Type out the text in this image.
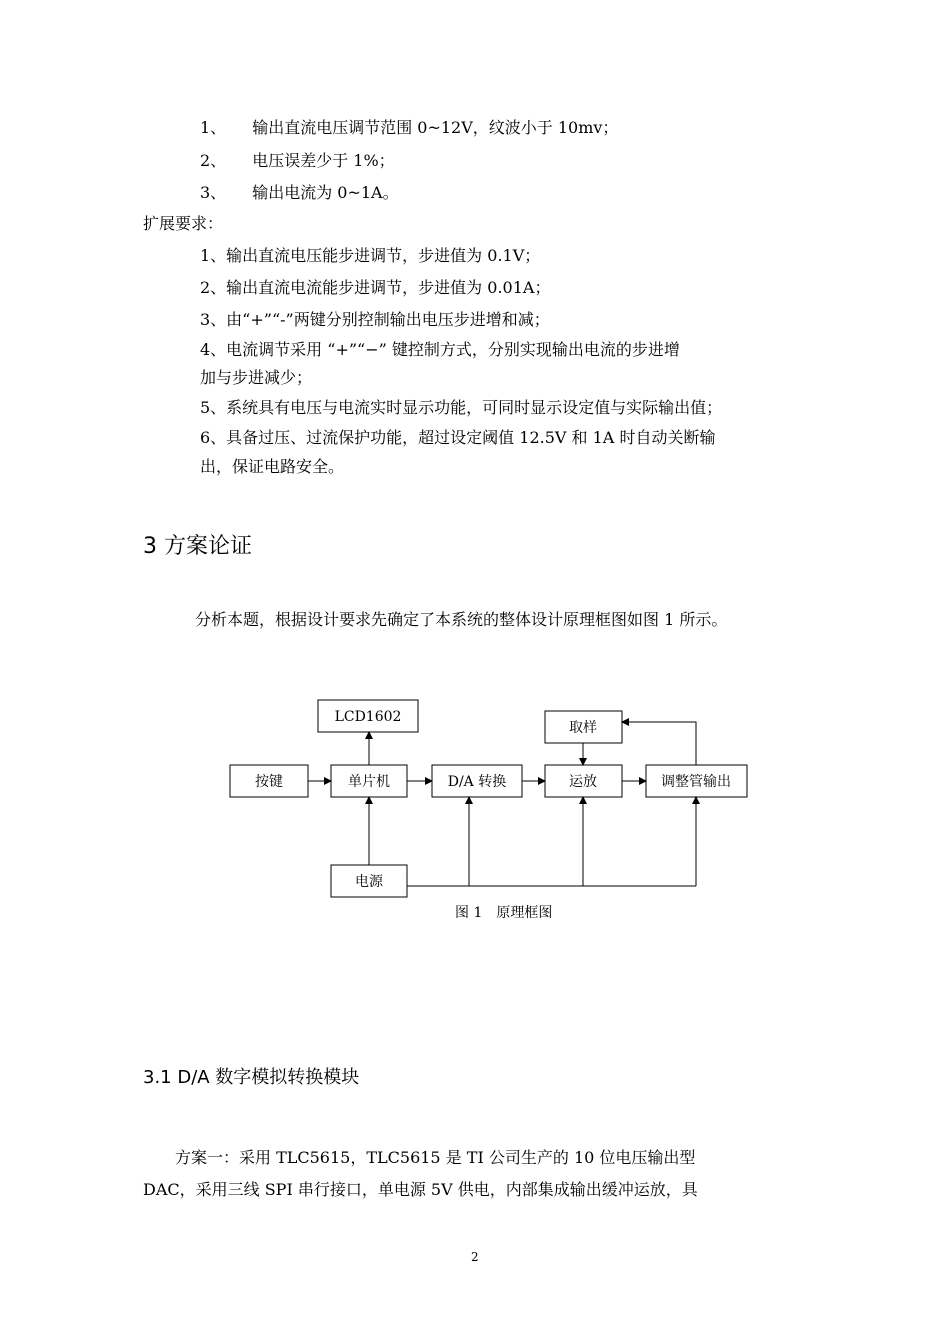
1、 输出直流电压调节范围 0~12V，纹波小于 10mv；
2、 电压误差少于 1%；
3、 输出电流为 0~1A。
扩展要求：
1、输出直流电压能步进调节，步进值为 0.1V；
2、输出直流电流能步进调节，步进值为 0.01A；
3、由“+”“-”两键分别控制输出电压步进增和减；
4、电流调节采用 “+”“−” 键控制方式，分别实现输出电流的步进增
加与步进减少；
5、系统具有电压与电流实时显示功能，可同时显示设定值与实际输出值；
6、具备过压、过流保护功能，超过设定阈值 12.5V 和 1A 时自动关断输
出，保证电路安全。
3 方案论证
分析本题，根据设计要求先确定了本系统的整体设计原理框图如图 1 所示。
LCD1602
按键	单片机	D/A 转换
取样
运放	调整管输出
电源
图 1　原理框图
3.1 D/A 数字模拟转换模块
方案一：采用 TLC5615，TLC5615 是 TI 公司生产的 10 位电压输出型
DAC，采用三线 SPI 串行接口，单电源 5V 供电，内部集成输出缓冲运放，具
2
